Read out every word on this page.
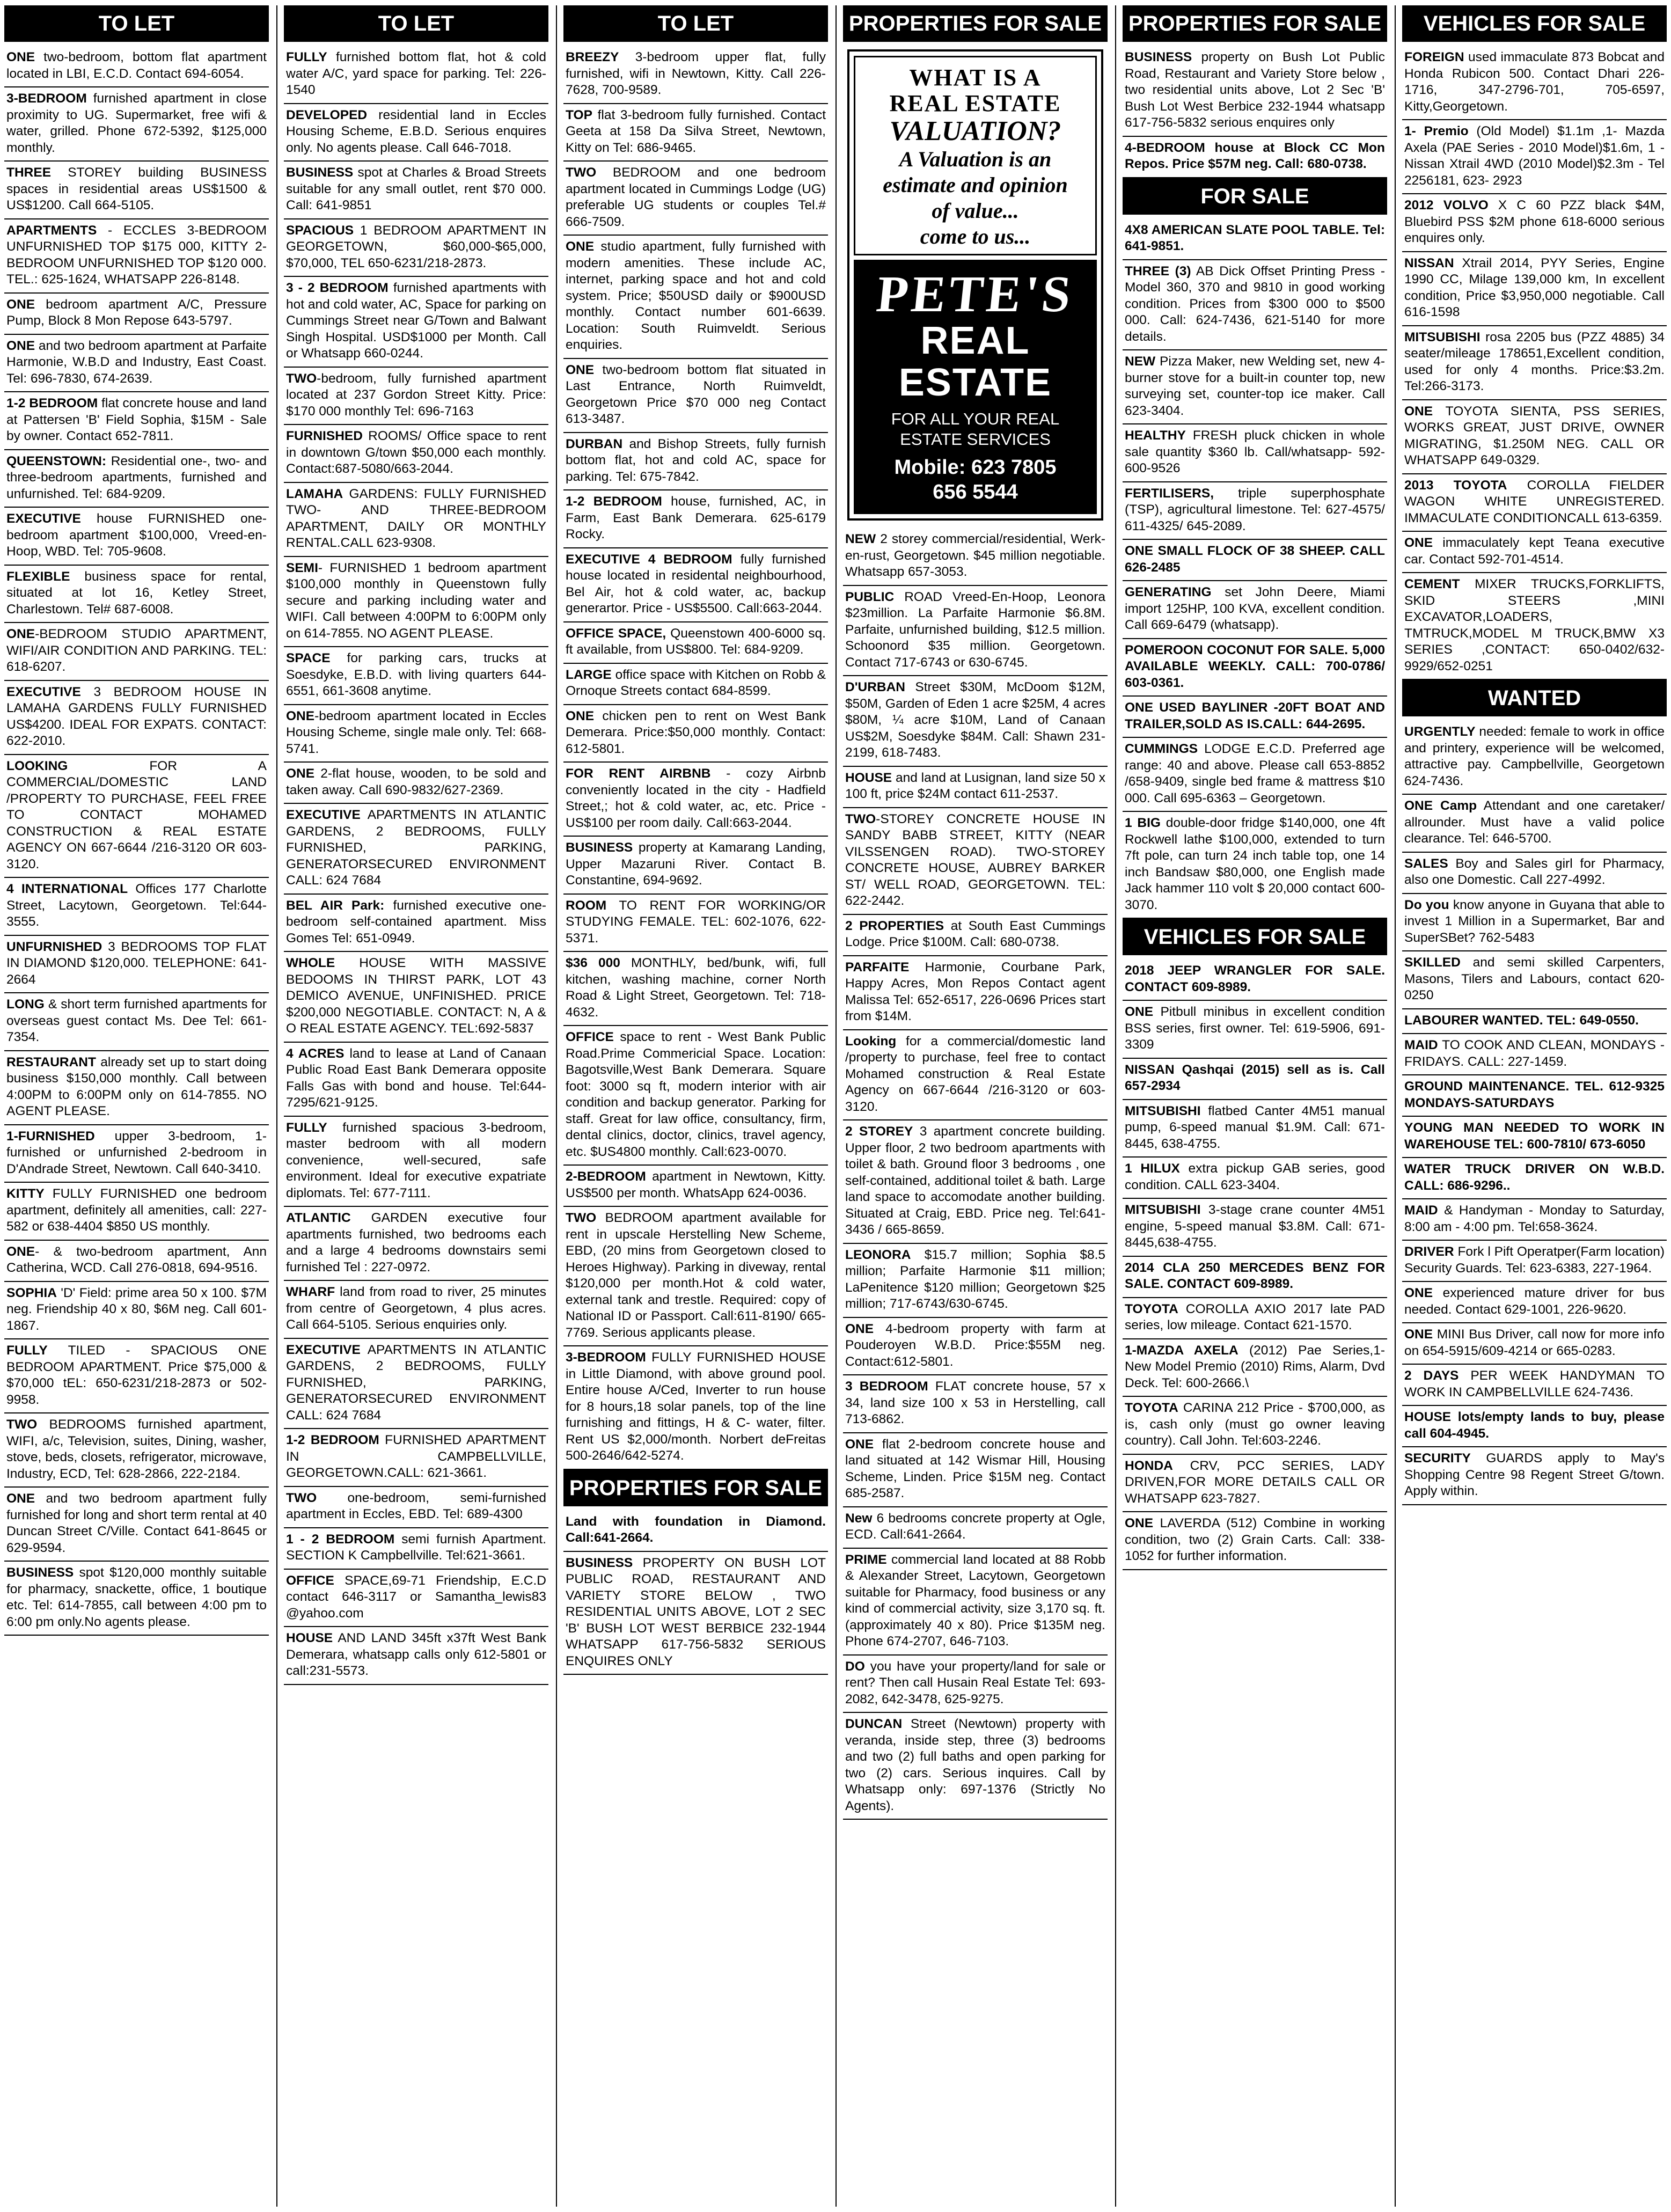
TO LET
ONE two-bedroom, bottom flat apartment located in LBI, E.C.D. Contact 694-6054.
3-BEDROOM furnished apartment in close proximity to UG. Supermarket, free wifi & water, grilled. Phone 672-5392, $125,000 monthly.
THREE STOREY building BUSINESS spaces in residential areas US$1500 & US$1200. Call 664-5105.
APARTMENTS - ECCLES 3-BEDROOM UNFURNISHED TOP $175 000, KITTY 2-BEDROOM UNFURNISHED TOP $120 000. TEL.: 625-1624, WHATSAPP 226-8148.
ONE bedroom apartment A/C, Pressure Pump, Block 8 Mon Repose 643-5797.
ONE and two bedroom apartment at Parfaite Harmonie, W.B.D and Industry, East Coast. Tel: 696-7830, 674-2639.
1-2 BEDROOM flat concrete house and land at Pattersen 'B' Field Sophia, $15M - Sale by owner. Contact 652-7811.
QUEENSTOWN: Residential one-, two- and three-bedroom apartments, furnished and unfurnished. Tel: 684-9209.
EXECUTIVE house FURNISHED one-bedroom apartment $100,000, Vreed-en-Hoop, WBD. Tel: 705-9608.
FLEXIBLE business space for rental, situated at lot 16, Ketley Street, Charlestown. Tel# 687-6008.
ONE-BEDROOM STUDIO APARTMENT, WIFI/AIR CONDITION AND PARKING. TEL: 618-6207.
EXECUTIVE 3 BEDROOM HOUSE IN LAMAHA GARDENS FULLY FURNISHED US$4200. IDEAL FOR EXPATS. CONTACT: 622-2010.
LOOKING FOR A COMMERCIAL/DOMESTIC LAND /PROPERTY TO PURCHASE, FEEL FREE TO CONTACT MOHAMED CONSTRUCTION & REAL ESTATE AGENCY ON 667-6644 /216-3120 OR 603-3120.
4 INTERNATIONAL Offices 177 Charlotte Street, Lacytown, Georgetown. Tel:644-3555.
UNFURNISHED 3 BEDROOMS TOP FLAT IN DIAMOND $120,000. TELEPHONE: 641-2664
LONG & short term furnished apartments for overseas guest contact Ms. Dee Tel: 661-7354.
RESTAURANT already set up to start doing business $150,000 monthly. Call between 4:00PM to 6:00PM only on 614-7855. NO AGENT PLEASE.
1-FURNISHED upper 3-bedroom, 1-furnished or unfurnished 2-bedroom in D'Andrade Street, Newtown. Call 640-3410.
KITTY FULLY FURNISHED one bedroom apartment, definitely all amenities, call: 227-582 or 638-4404 $850 US monthly.
ONE- & two-bedroom apartment, Ann Catherina, WCD. Call 276-0818, 694-9516.
SOPHIA 'D' Field: prime area 50 x 100. $7M neg. Friendship 40 x 80, $6M neg. Call 601-1867.
FULLY TILED - SPACIOUS ONE BEDROOM APARTMENT. Price $75,000 & $70,000 tEL: 650-6231/218-2873 or 502-9958.
TWO BEDROOMS furnished apartment, WIFI, a/c, Television, suites, Dining, washer, stove, beds, closets, refrigerator, microwave, Industry, ECD, Tel: 628-2866, 222-2184.
ONE and two bedroom apartment fully furnished for long and short term rental at 40 Duncan Street C/Ville. Contact 641-8645 or 629-9594.
BUSINESS spot $120,000 monthly suitable for pharmacy, snackette, office, 1 boutique etc. Tel: 614-7855, call between 4:00 pm to 6:00 pm only.No agents please.
TO LET
FULLY furnished bottom flat, hot & cold water A/C, yard space for parking. Tel: 226-1540
DEVELOPED residential land in Eccles Housing Scheme, E.B.D. Serious enquires only. No agents please. Call 646-7018.
BUSINESS spot at Charles & Broad Streets suitable for any small outlet, rent $70 000. Call: 641-9851
SPACIOUS 1 BEDROOM APARTMENT IN GEORGETOWN, $60,000-$65,000, $70,000, TEL 650-6231/218-2873.
3 - 2 BEDROOM furnished apartments with hot and cold water, AC, Space for parking on Cummings Street near G/Town and Balwant Singh Hospital. USD$1000 per Month. Call or Whatsapp 660-0244.
TWO-bedroom, fully furnished apartment located at 237 Gordon Street Kitty. Price: $170 000 monthly Tel: 696-7163
FURNISHED ROOMS/ Office space to rent in downtown G/town $50,000 each monthly. Contact:687-5080/663-2044.
LAMAHA GARDENS: FULLY FURNISHED TWO- AND THREE-BEDROOM APARTMENT, DAILY OR MONTHLY RENTAL.CALL 623-9308.
SEMI- FURNISHED 1 bedroom apartment $100,000 monthly in Queenstown fully secure and parking including water and WIFI. Call between 4:00PM to 6:00PM only on 614-7855. NO AGENT PLEASE.
SPACE for parking cars, trucks at Soesdyke, E.B.D. with living quarters 644-6551, 661-3608 anytime.
ONE-bedroom apartment located in Eccles Housing Scheme, single male only. Tel: 668-5741.
ONE 2-flat house, wooden, to be sold and taken away. Call 690-9832/627-2369.
EXECUTIVE APARTMENTS IN ATLANTIC GARDENS, 2 BEDROOMS, FULLY FURNISHED, PARKING, GENERATORSECURED ENVIRONMENT CALL: 624 7684
BEL AIR Park: furnished executive one-bedroom self-contained apartment. Miss Gomes Tel: 651-0949.
WHOLE HOUSE WITH MASSIVE BEDOOMS IN THIRST PARK, LOT 43 DEMICO AVENUE, UNFINISHED. PRICE $200,000 NEGOTIABLE. CONTACT: N, A & O REAL ESTATE AGENCY. TEL:692-5837
4 ACRES land to lease at Land of Canaan Public Road East Bank Demerara opposite Falls Gas with bond and house. Tel:644-7295/621-9125.
FULLY furnished spacious 3-bedroom, master bedroom with all modern convenience, well-secured, safe environment. Ideal for executive expatriate diplomats. Tel: 677-7111.
ATLANTIC GARDEN executive four apartments furnished, two bedrooms each and a large 4 bedrooms downstairs semi furnished Tel : 227-0972.
WHARF land from road to river, 25 minutes from centre of Georgetown, 4 plus acres. Call 664-5105. Serious enquiries only.
EXECUTIVE APARTMENTS IN ATLANTIC GARDENS, 2 BEDROOMS, FULLY FURNISHED, PARKING, GENERATORSECURED ENVIRONMENT CALL: 624 7684
1-2 BEDROOM FURNISHED APARTMENT IN CAMPBELLVILLE, GEORGETOWN.CALL: 621-3661.
TWO one-bedroom, semi-furnished apartment in Eccles, EBD. Tel: 689-4300
1 - 2 BEDROOM semi furnish Apartment. SECTION K Campbellville. Tel:621-3661.
OFFICE SPACE,69-71 Friendship, E.C.D contact 646-3117 or Samantha_lewis83 @yahoo.com
HOUSE AND LAND 345ft x37ft West Bank Demerara, whatsapp calls only 612-5801 or call:231-5573.
TO LET
BREEZY 3-bedroom upper flat, fully furnished, wifi in Newtown, Kitty. Call 226-7628, 700-9589.
TOP flat 3-bedroom fully furnished. Contact Geeta at 158 Da Silva Street, Newtown, Kitty on Tel: 686-9465.
TWO BEDROOM and one bedroom apartment located in Cummings Lodge (UG) preferable UG students or couples Tel.# 666-7509.
ONE studio apartment, fully furnished with modern amenities. These include AC, internet, parking space and hot and cold system. Price; $50USD daily or $900USD monthly. Contact number 601-6639. Location: South Ruimveldt. Serious enquiries.
ONE two-bedroom bottom flat situated in Last Entrance, North Ruimveldt, Georgetown Price $70 000 neg Contact 613-3487.
DURBAN and Bishop Streets, fully furnish bottom flat, hot and cold AC, space for parking. Tel: 675-7842.
1-2 BEDROOM house, furnished, AC, in Farm, East Bank Demerara. 625-6179 Rocky.
EXECUTIVE 4 BEDROOM fully furnished house located in residental neighbourhood, Bel Air, hot & cold water, ac, backup generartor. Price - US$5500. Call:663-2044.
OFFICE SPACE, Queenstown 400-6000 sq. ft available, from US$800. Tel: 684-9209.
LARGE office space with Kitchen on Robb & Ornoque Streets contact 684-8599.
ONE chicken pen to rent on West Bank Demerara. Price:$50,000 monthly. Contact: 612-5801.
FOR RENT AIRBNB - cozy Airbnb conveniently located in the city - Hadfield Street,; hot & cold water, ac, etc. Price - US$100 per room daily. Call:663-2044.
BUSINESS property at Kamarang Landing, Upper Mazaruni River. Contact B. Constantine, 694-9692.
ROOM TO RENT FOR WORKING/OR STUDYING FEMALE. TEL: 602-1076, 622-5371.
$36 000 MONTHLY, bed/bunk, wifi, full kitchen, washing machine, corner North Road & Light Street, Georgetown. Tel: 718-4632.
OFFICE space to rent - West Bank Public Road.Prime Commericial Space. Location: Bagotsville,West Bank Demerara. Square foot: 3000 sq ft, modern interior with air condition and backup generator. Parking for staff. Great for law office, consultancy, firm, dental clinics, doctor, clinics, travel agency, etc. $US4800 monthly. Call:623-0070.
2-BEDROOM apartment in Newtown, Kitty. US$500 per month. WhatsApp 624-0036.
TWO BEDROOM apartment available for rent in upscale Herstelling New Scheme, EBD, (20 mins from Georgetown closed to Heroes Highway). Parking in diveway, rental $120,000 per month.Hot & cold water, external tank and trestle. Required: copy of National ID or Passport. Call:611-8190/ 665-7769. Serious applicants please.
3-BEDROOM FULLY FURNISHED HOUSE in Little Diamond, with above ground pool. Entire house A/Ced, Inverter to run house for 8 hours,18 solar panels, top of the line furnishing and fittings, H & C- water, filter. Rent US $2,000/month. Norbert deFreitas 500-2646/642-5274.
PROPERTIES FOR SALE
Land with foundation in Diamond. Call:641-2664.
BUSINESS PROPERTY ON BUSH LOT PUBLIC ROAD, RESTAURANT AND VARIETY STORE BELOW , TWO RESIDENTIAL UNITS ABOVE, LOT 2 SEC 'B' BUSH LOT WEST BERBICE 232-1944 WHATSAPP 617-756-5832 SERIOUS ENQUIRES ONLY
PROPERTIES FOR SALE
WHAT IS A
REAL ESTATE
VALUATION?
A Valuation is an
estimate and opinion
of value...
come to us...
PETE'S
REAL ESTATE
FOR ALL YOUR REAL
ESTATE SERVICES
Mobile: 623 7805
656 5544
NEW 2 storey commercial/residential, Werk-en-rust, Georgetown. $45 million negotiable. Whatsapp 657-3053.
PUBLIC ROAD Vreed-En-Hoop, Leonora $23million. La Parfaite Harmonie $6.8M. Parfaite, unfurnished building, $12.5 million. Schoonord $35 million. Georgetown. Contact 717-6743 or 630-6745.
D'URBAN Street $30M, McDoom $12M, $50M, Garden of Eden 1 acre $25M, 4 acres $80M, ¼ acre $10M, Land of Canaan US$2M, Soesdyke $84M. Call: Shawn 231-2199, 618-7483.
HOUSE and land at Lusignan, land size 50 x 100 ft, price $24M contact 611-2537.
TWO-STOREY CONCRETE HOUSE IN SANDY BABB STREET, KITTY (NEAR VILSSENGEN ROAD). TWO-STOREY CONCRETE HOUSE, AUBREY BARKER ST/ WELL ROAD, GEORGETOWN. TEL: 622-2442.
2 PROPERTIES at South East Cummings Lodge. Price $100M. Call: 680-0738.
PARFAITE Harmonie, Courbane Park, Happy Acres, Mon Repos Contact agent Malissa Tel: 652-6517, 226-0696 Prices start from $14M.
Looking for a commercial/domestic land /property to purchase, feel free to contact Mohamed construction & Real Estate Agency on 667-6644 /216-3120 or 603-3120.
2 STOREY 3 apartment concrete building. Upper floor, 2 two bedroom apartments with toilet & bath. Ground floor 3 bedrooms , one self-contained, additional toilet & bath. Large land space to accomodate another building. Situated at Craig, EBD. Price neg. Tel:641-3436 / 665-8659.
LEONORA $15.7 million; Sophia $8.5 million; Parfaite Harmonie $11 million; LaPenitence $120 million; Georgetown $25 million; 717-6743/630-6745.
ONE 4-bedroom property with farm at Pouderoyen W.B.D. Price:$55M neg. Contact:612-5801.
3 BEDROOM FLAT concrete house, 57 x 34, land size 100 x 53 in Herstelling, call 713-6862.
ONE flat 2-bedroom concrete house and land situated at 142 Wismar Hill, Housing Scheme, Linden. Price $15M neg. Contact 685-2587.
New 6 bedrooms concrete property at Ogle, ECD. Call:641-2664.
PRIME commercial land located at 88 Robb & Alexander Street, Lacytown, Georgetown suitable for Pharmacy, food business or any kind of commercial activity, size 3,170 sq. ft. (approximately 40 x 80). Price $135M neg. Phone 674-2707, 646-7103.
DO you have your property/land for sale or rent? Then call Husain Real Estate Tel: 693-2082, 642-3478, 625-9275.
DUNCAN Street (Newtown) property with veranda, inside step, three (3) bedrooms and two (2) full baths and open parking for two (2) cars. Serious inquires. Call by Whatsapp only: 697-1376 (Strictly No Agents).
PROPERTIES FOR SALE
BUSINESS property on Bush Lot Public Road, Restaurant and Variety Store below , two residential units above, Lot 2 Sec 'B' Bush Lot West Berbice 232-1944 whatsapp 617-756-5832 serious enquires only
4-BEDROOM house at Block CC Mon Repos. Price $57M neg. Call: 680-0738.
FOR SALE
4X8 AMERICAN SLATE POOL TABLE. Tel: 641-9851.
THREE (3) AB Dick Offset Printing Press - Model 360, 370 and 9810 in good working condition. Prices from $300 000 to $500 000. Call: 624-7436, 621-5140 for more details.
NEW Pizza Maker, new Welding set, new 4-burner stove for a built-in counter top, new surveying set, counter-top ice maker. Call 623-3404.
HEALTHY FRESH pluck chicken in whole sale quantity $360 lb. Call/whatsapp- 592-600-9526
FERTILISERS, triple superphosphate (TSP), agricultural limestone. Tel: 627-4575/ 611-4325/ 645-2089.
ONE SMALL FLOCK OF 38 SHEEP. CALL 626-2485
GENERATING set John Deere, Miami import 125HP, 100 KVA, excellent condition. Call 669-6479 (whatsapp).
POMEROON COCONUT FOR SALE. 5,000 AVAILABLE WEEKLY. CALL: 700-0786/ 603-0361.
ONE USED BAYLINER -20FT BOAT AND TRAILER,SOLD AS IS.CALL: 644-2695.
CUMMINGS LODGE E.C.D. Preferred age range: 40 and above. Please call 653-8852 /658-9409, single bed frame & mattress $10 000. Call 695-6363 – Georgetown.
1 BIG double-door fridge $140,000, one 4ft Rockwell lathe $100,000, extended to turn 7ft pole, can turn 24 inch table top, one 14 inch Bandsaw $80,000, one English made Jack hammer 110 volt $ 20,000 contact 600-3070.
VEHICLES FOR SALE
2018 JEEP WRANGLER FOR SALE. CONTACT 609-8989.
ONE Pitbull minibus in excellent condition BSS series, first owner. Tel: 619-5906, 691-3309
NISSAN Qashqai (2015) sell as is. Call 657-2934
MITSUBISHI flatbed Canter 4M51 manual pump, 6-speed manual $1.9M. Call: 671-8445, 638-4755.
1 HILUX extra pickup GAB series, good condition. CALL 623-3404.
MITSUBISHI 3-stage crane counter 4M51 engine, 5-speed manual $3.8M. Call: 671-8445,638-4755.
2014 CLA 250 MERCEDES BENZ FOR SALE. CONTACT 609-8989.
TOYOTA COROLLA AXIO 2017 late PAD series, low mileage. Contact 621-1570.
1-MAZDA AXELA (2012) Pae Series,1- New Model Premio (2010) Rims, Alarm, Dvd Deck. Tel: 600-2666.\
TOYOTA CARINA 212 Price - $700,000, as is, cash only (must go owner leaving country). Call John. Tel:603-2246.
HONDA CRV, PCC SERIES, LADY DRIVEN,FOR MORE DETAILS CALL OR WHATSAPP 623-7827.
ONE LAVERDA (512) Combine in working condition, two (2) Grain Carts. Call: 338-1052 for further information.
VEHICLES FOR SALE
FOREIGN used immaculate 873 Bobcat and Honda Rubicon 500. Contact Dhari 226-1716, 347-2796-701, 705-6597, Kitty,Georgetown.
1- Premio (Old Model) $1.1m ,1- Mazda Axela (PAE Series - 2010 Model)$1.6m, 1 - Nissan Xtrail 4WD (2010 Model)$2.3m - Tel 2256181, 623- 2923
2012 VOLVO X C 60 PZZ black $4M, Bluebird PSS $2M phone 618-6000 serious enquires only.
NISSAN Xtrail 2014, PYY Series, Engine 1990 CC, Milage 139,000 km, In excellent condition, Price $3,950,000 negotiable. Call 616-1598
MITSUBISHI rosa 2205 bus (PZZ 4885) 34 seater/mileage 178651,Excellent condition, used for only 4 months. Price:$3.2m. Tel:266-3173.
ONE TOYOTA SIENTA, PSS SERIES, WORKS GREAT, JUST DRIVE, OWNER MIGRATING, $1.250M NEG. CALL OR WHATSAPP 649-0329.
2013 TOYOTA COROLLA FIELDER WAGON WHITE UNREGISTERED. IMMACULATE CONDITIONCALL 613-6359.
ONE immaculately kept Teana executive car. Contact 592-701-4514.
CEMENT MIXER TRUCKS,FORKLIFTS, SKID STEERS ,MINI EXCAVATOR,LOADERS, TMTRUCK,MODEL M TRUCK,BMW X3 SERIES ,CONTACT: 650-0402/632-9929/652-0251
WANTED
URGENTLY needed: female to work in office and printery, experience will be welcomed, attractive pay. Campbellville, Georgetown 624-7436.
ONE Camp Attendant and one caretaker/ allrounder. Must have a valid police clearance. Tel: 646-5700.
SALES Boy and Sales girl for Pharmacy, also one Domestic. Call 227-4992.
Do you know anyone in Guyana that able to invest 1 Million in a Supermarket, Bar and SuperSBet? 762-5483
SKILLED and semi skilled Carpenters, Masons, Tilers and Labours, contact 620-0250
LABOURER WANTED. TEL: 649-0550.
MAID TO COOK AND CLEAN, MONDAYS - FRIDAYS. CALL: 227-1459.
GROUND MAINTENANCE. TEL. 612-9325 MONDAYS-SATURDAYS
YOUNG MAN NEEDED TO WORK IN WAREHOUSE TEL: 600-7810/ 673-6050
WATER TRUCK DRIVER ON W.B.D. CALL: 686-9296..
MAID & Handyman - Monday to Saturday, 8:00 am - 4:00 pm. Tel:658-3624.
DRIVER Fork l Pift Operatper(Farm location) Security Guards. Tel: 623-6383, 227-1964.
ONE experienced mature driver for bus needed. Contact 629-1001, 226-9620.
ONE MINI Bus Driver, call now for more info on 654-5915/609-4214 or 665-0283.
2 DAYS PER WEEK HANDYMAN TO WORK IN CAMPBELLVILLE 624-7436.
HOUSE lots/empty lands to buy, please call 604-4945.
SECURITY GUARDS apply to May's Shopping Centre 98 Regent Street G/town. Apply within.
